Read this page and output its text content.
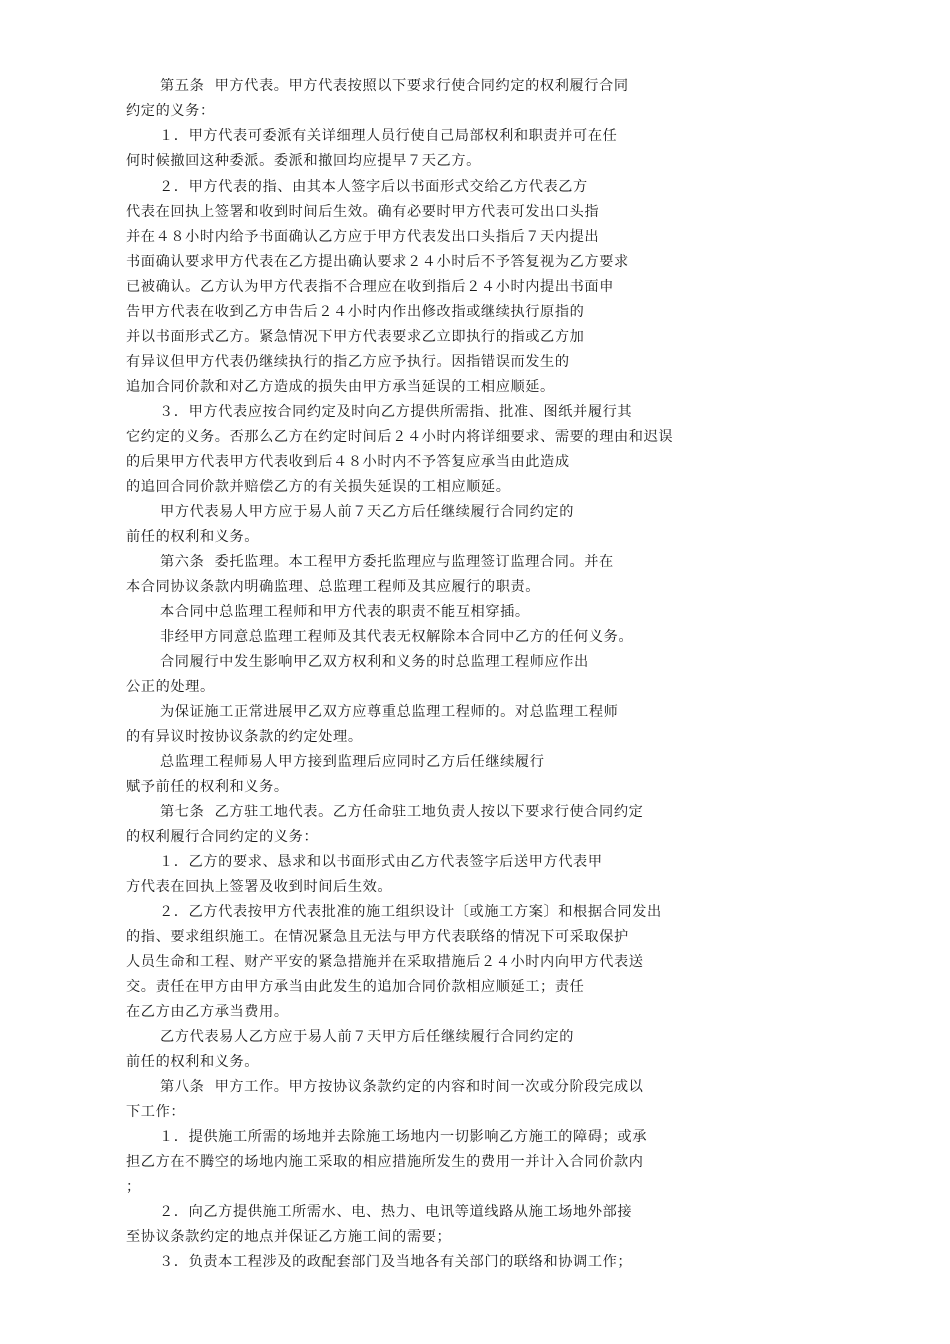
第五条  甲方代表。甲方代表按照以下要求行使合同约定的权利履行合同
约定的义务：
１．甲方代表可委派有关详细理人员行使自己局部权利和职责并可在任
何时候撤回这种委派。委派和撤回均应提早７天乙方。
２．甲方代表的指、由其本人签字后以书面形式交给乙方代表乙方
代表在回执上签署和收到时间后生效。确有必要时甲方代表可发出口头指
并在４８小时内给予书面确认乙方应于甲方代表发出口头指后７天内提出
书面确认要求甲方代表在乙方提出确认要求２４小时后不予答复视为乙方要求
已被确认。乙方认为甲方代表指不合理应在收到指后２４小时内提出书面申
告甲方代表在收到乙方申告后２４小时内作出修改指或继续执行原指的
并以书面形式乙方。紧急情况下甲方代表要求乙立即执行的指或乙方加
有异议但甲方代表仍继续执行的指乙方应予执行。因指错误而发生的
追加合同价款和对乙方造成的损失由甲方承当延误的工相应顺延。
３．甲方代表应按合同约定及时向乙方提供所需指、批准、图纸并履行其
它约定的义务。否那么乙方在约定时间后２４小时内将详细要求、需要的理由和迟误
的后果甲方代表甲方代表收到后４８小时内不予答复应承当由此造成
的追回合同价款并赔偿乙方的有关损失延误的工相应顺延。
甲方代表易人甲方应于易人前７天乙方后任继续履行合同约定的
前任的权利和义务。
第六条  委托监理。本工程甲方委托监理应与监理签订监理合同。并在
本合同协议条款内明确监理、总监理工程师及其应履行的职责。
本合同中总监理工程师和甲方代表的职责不能互相穿插。
非经甲方同意总监理工程师及其代表无权解除本合同中乙方的任何义务。
合同履行中发生影响甲乙双方权利和义务的时总监理工程师应作出
公正的处理。
为保证施工正常进展甲乙双方应尊重总监理工程师的。对总监理工程师
的有异议时按协议条款的约定处理。
总监理工程师易人甲方接到监理后应同时乙方后任继续履行
赋予前任的权利和义务。
第七条  乙方驻工地代表。乙方任命驻工地负责人按以下要求行使合同约定
的权利履行合同约定的义务：
１．乙方的要求、恳求和以书面形式由乙方代表签字后送甲方代表甲
方代表在回执上签署及收到时间后生效。
２．乙方代表按甲方代表批准的施工组织设计〔或施工方案〕和根据合同发出
的指、要求组织施工。在情况紧急且无法与甲方代表联络的情况下可采取保护
人员生命和工程、财产平安的紧急措施并在采取措施后２４小时内向甲方代表送
交。责任在甲方由甲方承当由此发生的追加合同价款相应顺延工；责任
在乙方由乙方承当费用。
乙方代表易人乙方应于易人前７天甲方后任继续履行合同约定的
前任的权利和义务。
第八条  甲方工作。甲方按协议条款约定的内容和时间一次或分阶段完成以
下工作：
１．提供施工所需的场地并去除施工场地内一切影响乙方施工的障碍；或承
担乙方在不腾空的场地内施工采取的相应措施所发生的费用一并计入合同价款内
；
２．向乙方提供施工所需水、电、热力、电讯等道线路从施工场地外部接
至协议条款约定的地点并保证乙方施工间的需要；
３．负责本工程涉及的政配套部门及当地各有关部门的联络和协调工作；
